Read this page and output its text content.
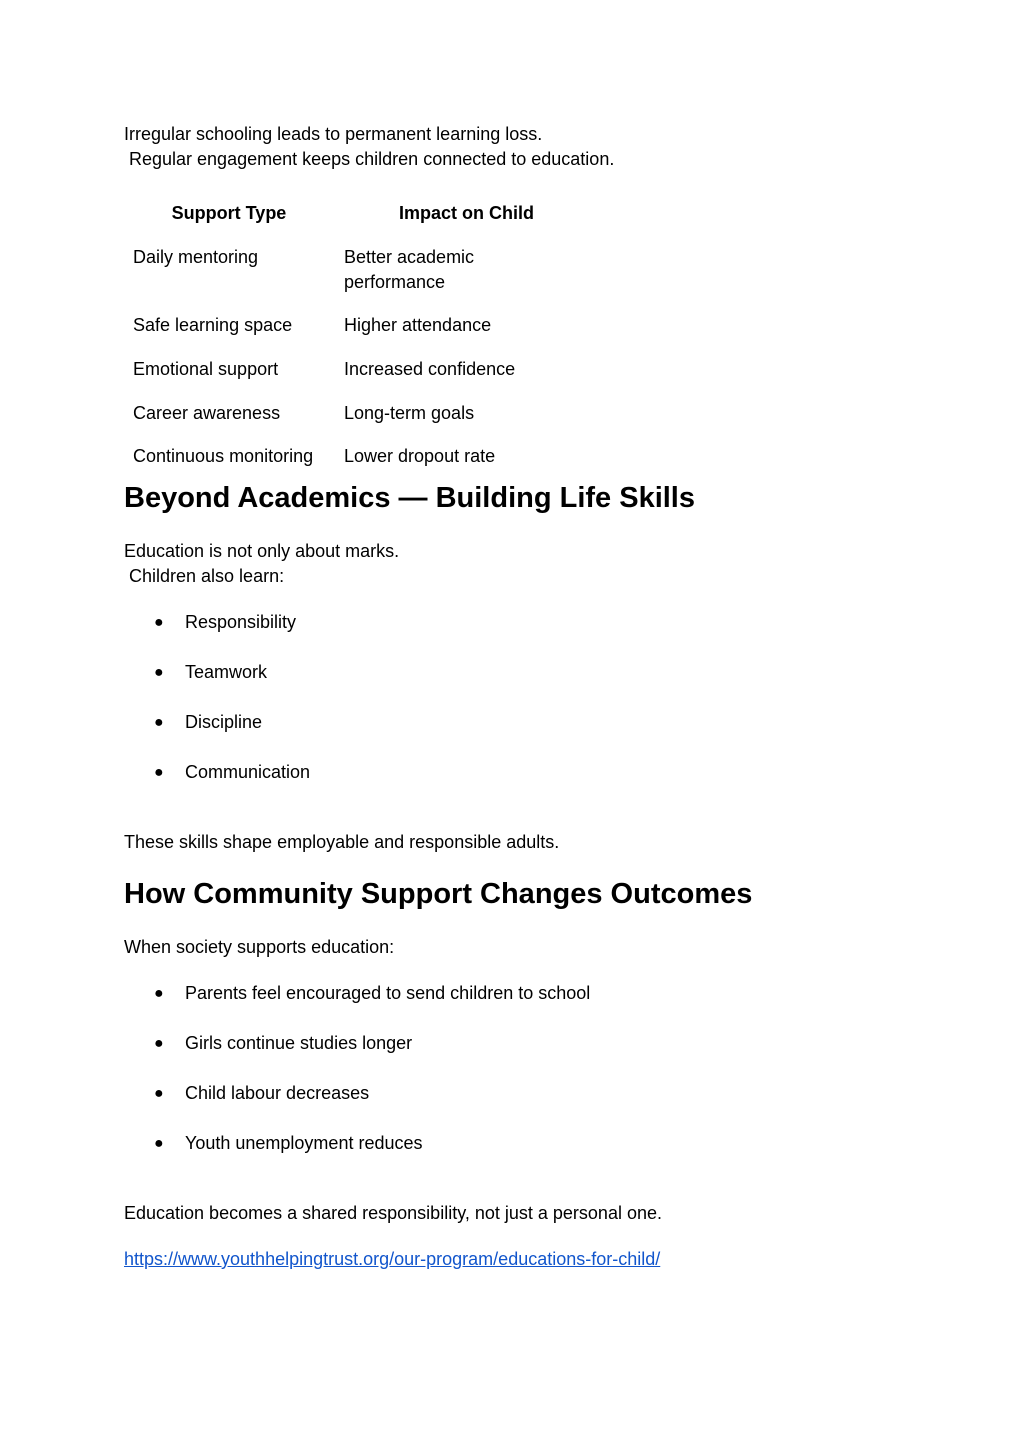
Irregular schooling leads to permanent learning loss.
Regular engagement keeps children connected to education.
Support Type	Impact on Child
Daily mentoring	Better academic performance
Safe learning space	Higher attendance
Emotional support	Increased confidence
Career awareness	Long-term goals
Continuous monitoring	Lower dropout rate
Beyond Academics — Building Life Skills
Education is not only about marks.
Children also learn:
● Responsibility
● Teamwork
● Discipline
● Communication
These skills shape employable and responsible adults.
How Community Support Changes Outcomes
When society supports education:
● Parents feel encouraged to send children to school
● Girls continue studies longer
● Child labour decreases
● Youth unemployment reduces
Education becomes a shared responsibility, not just a personal one.
https://www.youthhelpingtrust.org/our-program/educations-for-child/
